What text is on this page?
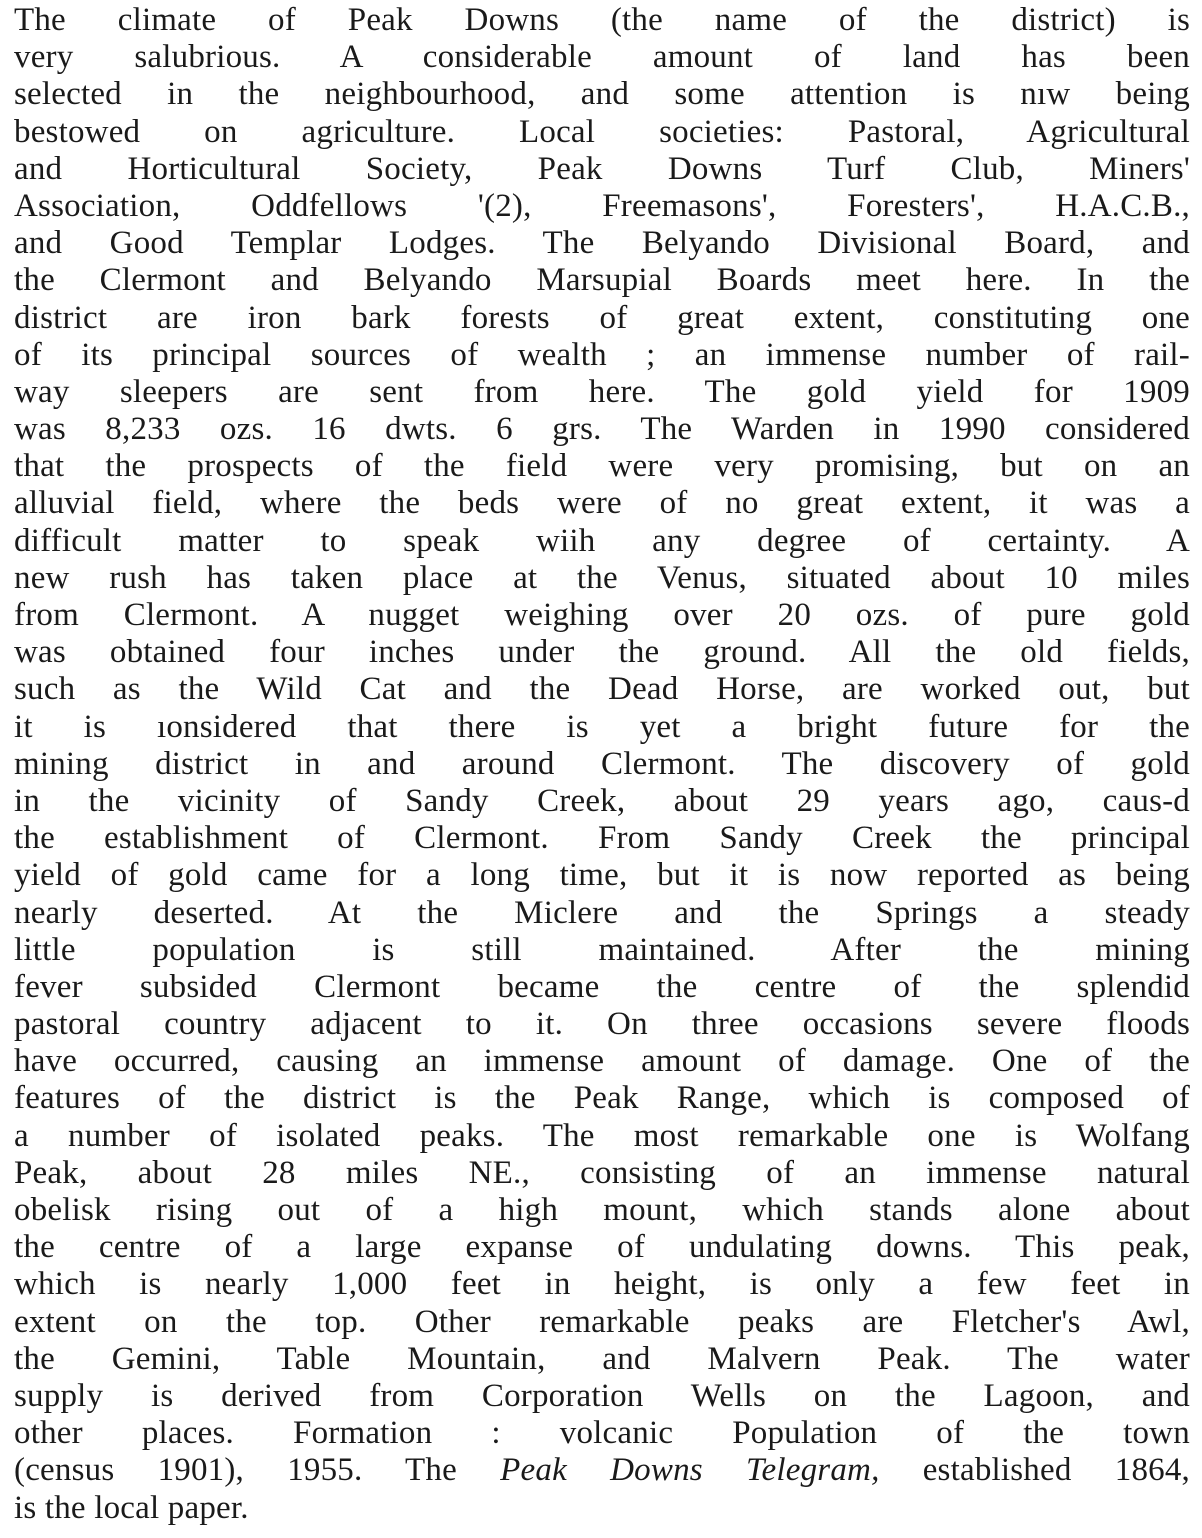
The climate of Peak Downs (the name of the district) is
very salubrious. A considerable amount of land has been
selected in the neighbourhood, and some attention is nıw being
bestowed on agriculture. Local societies: Pastoral, Agricultural
and Horticultural Society, Peak Downs Turf Club, Miners'
Association, Oddfellows '(2), Freemasons', Foresters', H.A.C.B.,
and Good Templar Lodges. The Belyando Divisional Board, and
the Clermont and Belyando Marsupial Boards meet here. In the
district are iron bark forests of great extent, constituting one
of its principal sources of wealth ; an immense number of rail-
way sleepers are sent from here. The gold yield for 1909
was 8,233 ozs. 16 dwts. 6 grs. The Warden in 1990 considered
that the prospects of the field were very promising, but on an
alluvial field, where the beds were of no great extent, it was a
difficult matter to speak wiih any degree of certainty. A
new rush has taken place at the Venus, situated about 10 miles
from Clermont. A nugget weighing over 20 ozs. of pure gold
was obtained four inches under the ground. All the old fields,
such as the Wild Cat and the Dead Horse, are worked out, but
it is ıonsidered that there is yet a bright future for the
mining district in and around Clermont. The discovery of gold
in the vicinity of Sandy Creek, about 29 years ago, caus-d
the establishment of Clermont. From Sandy Creek the principal
yield of gold came for a long time, but it is now reported as being
nearly deserted. At the Miclere and the Springs a steady
little population is still maintained. After the mining
fever subsided Clermont became the centre of the splendid
pastoral country adjacent to it. On three occasions severe floods
have occurred, causing an immense amount of damage. One of the
features of the district is the Peak Range, which is composed of
a number of isolated peaks. The most remarkable one is Wolfang
Peak, about 28 miles NE., consisting of an immense natural
obelisk rising out of a high mount, which stands alone about
the centre of a large expanse of undulating downs. This peak,
which is nearly 1,000 feet in height, is only a few feet in
extent on the top. Other remarkable peaks are Fletcher's Awl,
the Gemini, Table Mountain, and Malvern Peak. The water
supply is derived from Corporation Wells on the Lagoon, and
other places. Formation : volcanic Population of the town
(census 1901), 1955. The Peak Downs Telegram, established 1864,
is the local paper.
